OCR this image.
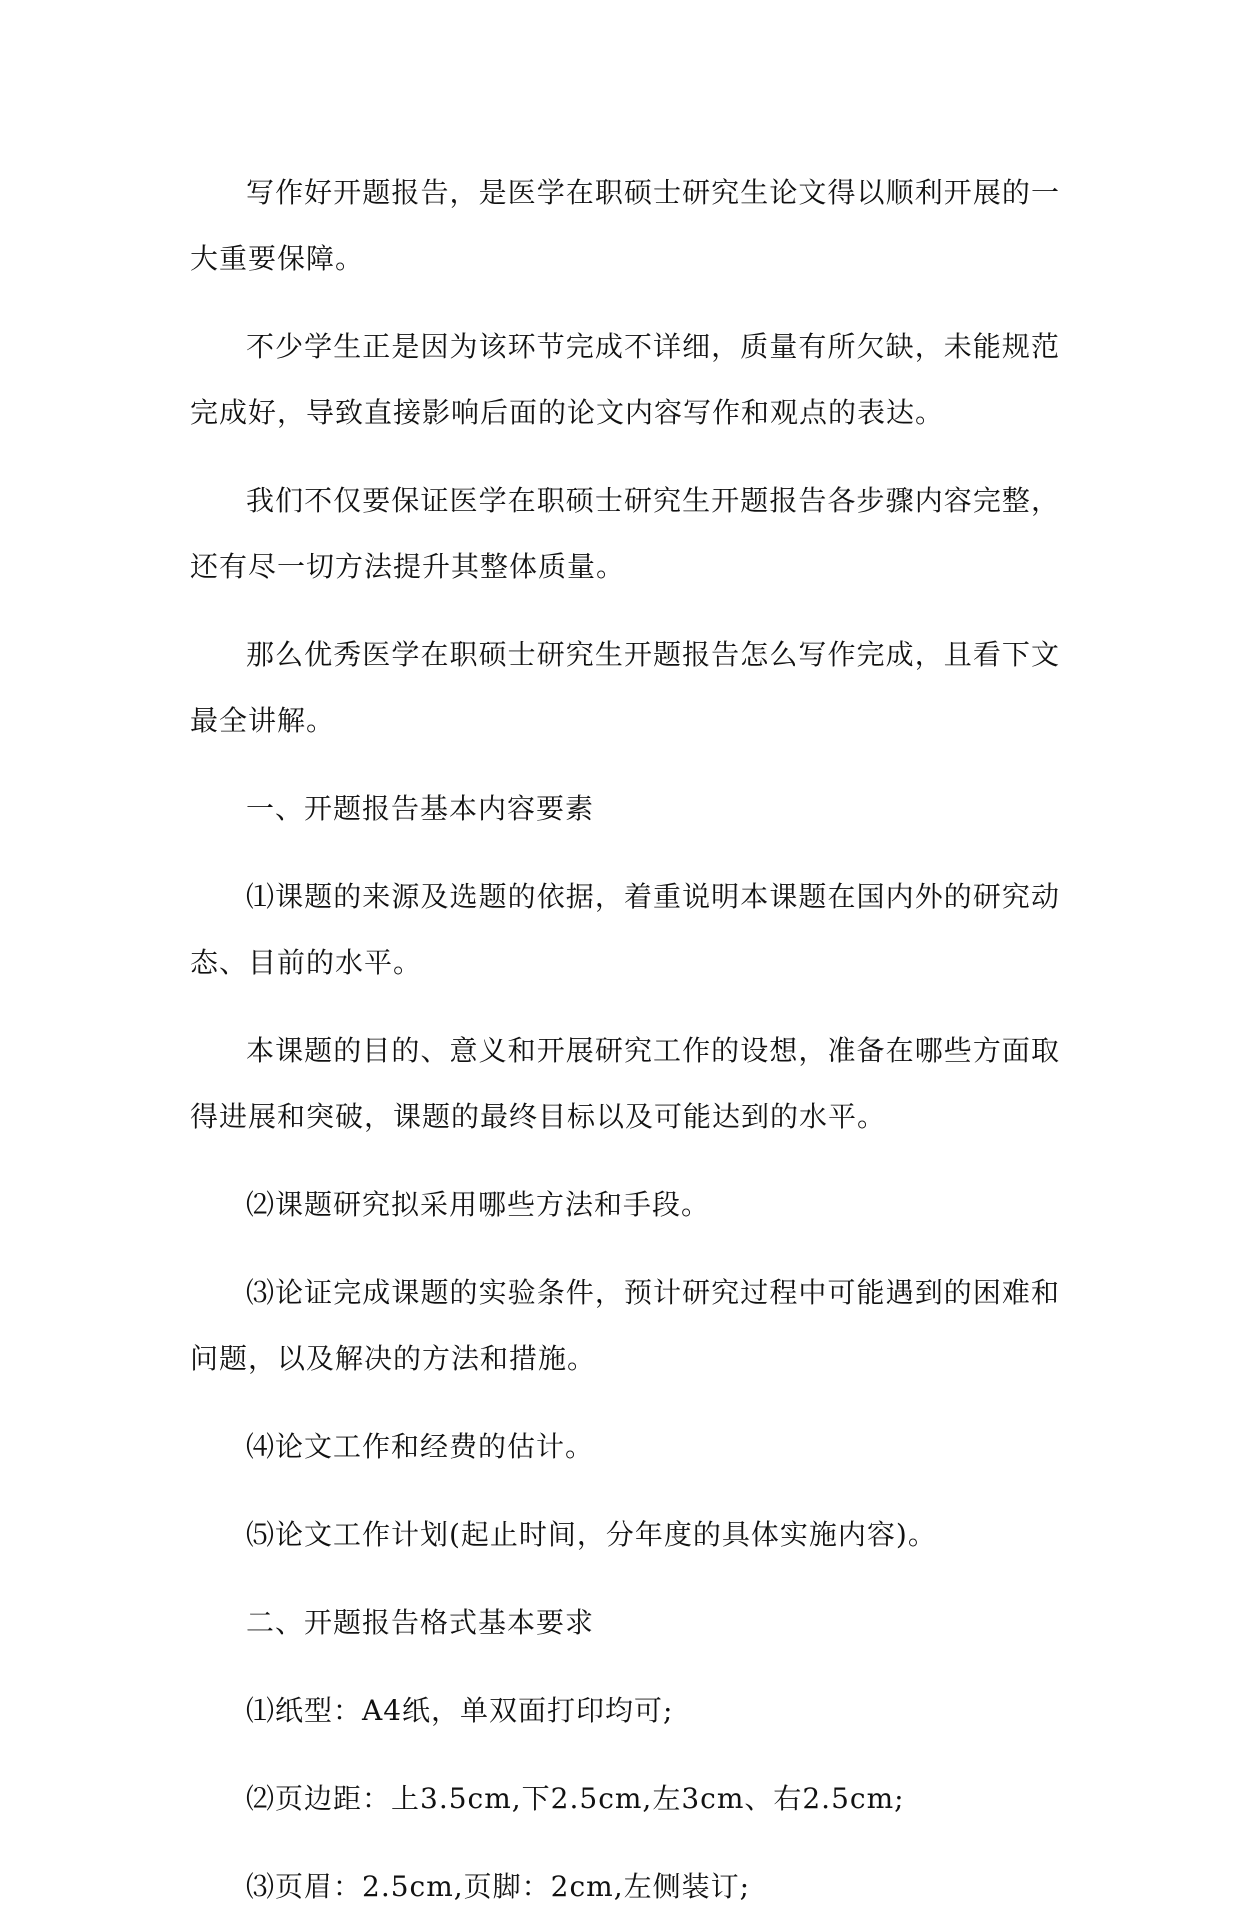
写作好开题报告，是医学在职硕士研究生论文得以顺利开展的一大重要保障。

不少学生正是因为该环节完成不详细，质量有所欠缺，未能规范完成好，导致直接影响后面的论文内容写作和观点的表达。

我们不仅要保证医学在职硕士研究生开题报告各步骤内容完整，还有尽一切方法提升其整体质量。

那么优秀医学在职硕士研究生开题报告怎么写作完成，且看下文最全讲解。

一、开题报告基本内容要素

⑴课题的来源及选题的依据，着重说明本课题在国内外的研究动态、目前的水平。

本课题的目的、意义和开展研究工作的设想，准备在哪些方面取得进展和突破，课题的最终目标以及可能达到的水平。

⑵课题研究拟采用哪些方法和手段。

⑶论证完成课题的实验条件，预计研究过程中可能遇到的困难和问题，以及解决的方法和措施。

⑷论文工作和经费的估计。

⑸论文工作计划(起止时间，分年度的具体实施内容)。

二、开题报告格式基本要求

⑴纸型：A4纸，单双面打印均可;

⑵页边距：上3.5cm,下2.5cm,左3cm、右2.5cm;

⑶页眉：2.5cm,页脚：2cm,左侧装订;
